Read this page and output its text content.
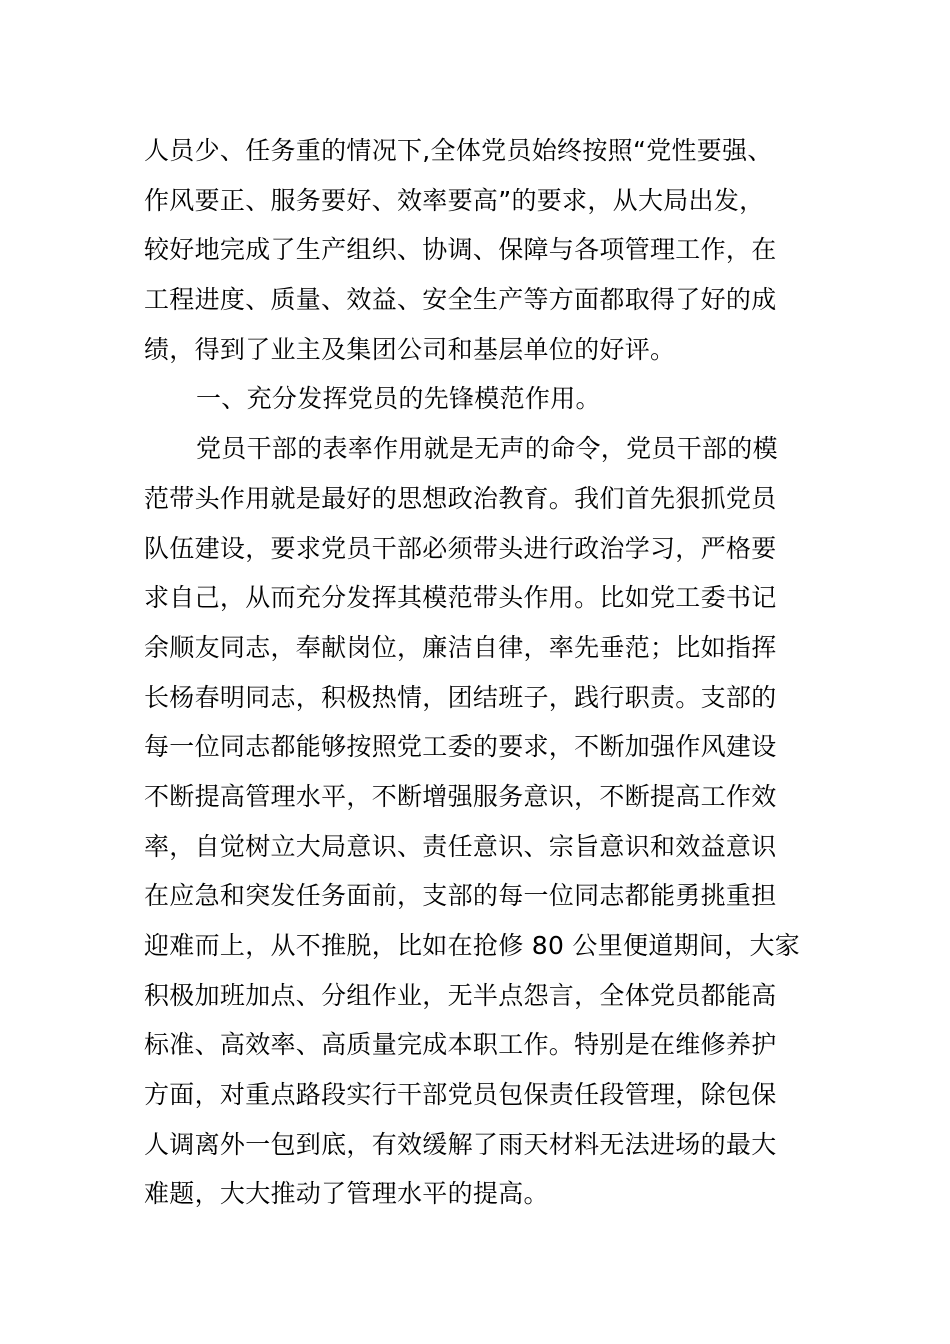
人员少、任务重的情况下,全体党员始终按照“党性要强、
作风要正、服务要好、效率要高”的要求，从大局出发，
较好地完成了生产组织、协调、保障与各项管理工作，在
工程进度、质量、效益、安全生产等方面都取得了好的成
绩，得到了业主及集团公司和基层单位的好评。
一、充分发挥党员的先锋模范作用。
党员干部的表率作用就是无声的命令，党员干部的模
范带头作用就是最好的思想政治教育。我们首先狠抓党员
队伍建设，要求党员干部必须带头进行政治学习，严格要
求自己，从而充分发挥其模范带头作用。比如党工委书记
余顺友同志，奉献岗位，廉洁自律，率先垂范；比如指挥
长杨春明同志，积极热情，团结班子，践行职责。支部的
每一位同志都能够按照党工委的要求，不断加强作风建设
不断提高管理水平，不断增强服务意识，不断提高工作效
率，自觉树立大局意识、责任意识、宗旨意识和效益意识
在应急和突发任务面前，支部的每一位同志都能勇挑重担
迎难而上，从不推脱，比如在抢修 80 公里便道期间，大家
积极加班加点、分组作业，无半点怨言，全体党员都能高
标准、高效率、高质量完成本职工作。特别是在维修养护
方面，对重点路段实行干部党员包保责任段管理，除包保
人调离外一包到底，有效缓解了雨天材料无法进场的最大
难题，大大推动了管理水平的提高。
